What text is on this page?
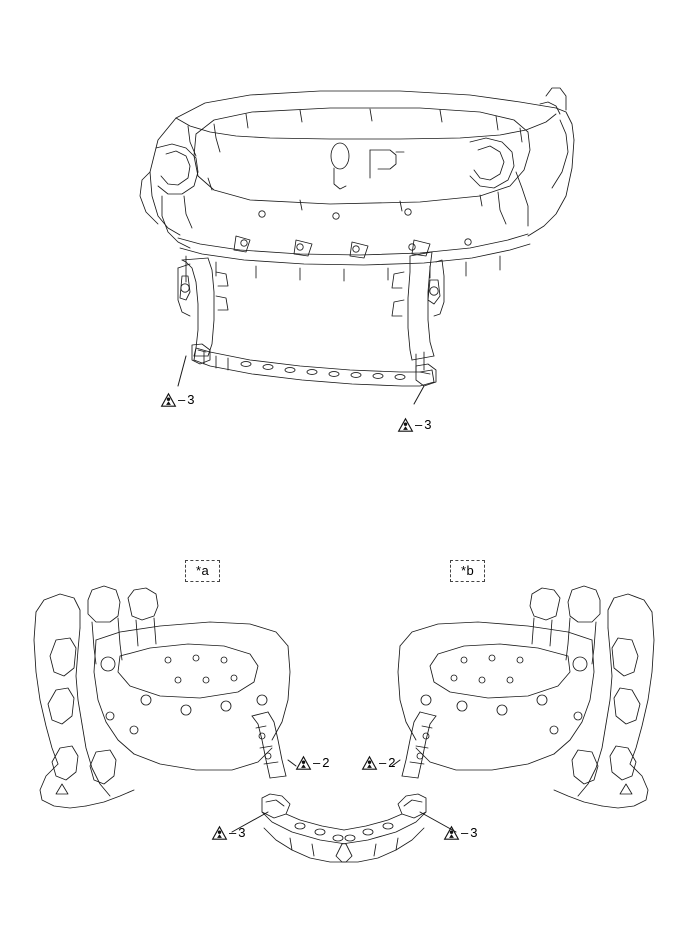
– 3
– 3
– 2
– 3
– 2
– 3
*a	*b
